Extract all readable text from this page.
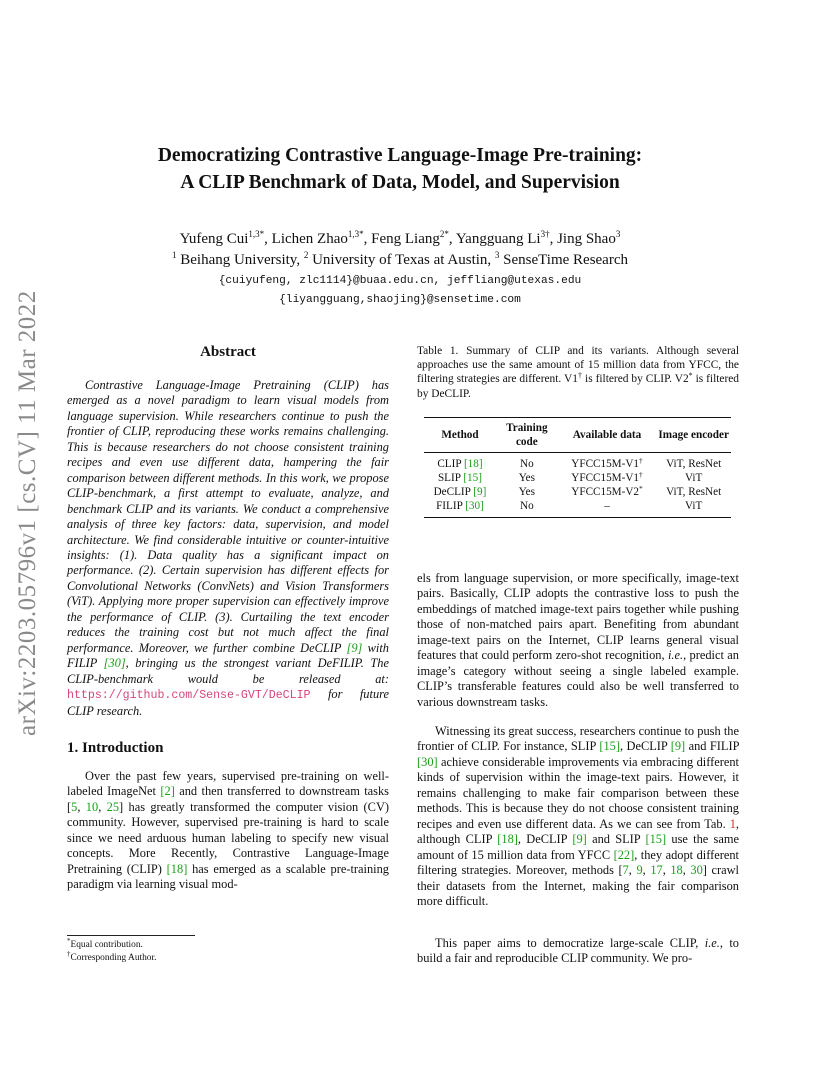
arXiv:2203.05796v1 [cs.CV] 11 Mar 2022
Democratizing Contrastive Language-Image Pre-training:
A CLIP Benchmark of Data, Model, and Supervision
Yufeng Cui$^{1,3*}$, Lichen Zhao$^{1,3*}$, Feng Liang$^{2*}$, Yangguang $Li^{3\dagger}$, Jing Shao$^3$
$^1$ Beihang University, $^2$ University of Texas at Austin, $^3$ SenseTime Research
{cuiyufeng, zlc1114}@buaa.edu.cn, jeffliang@utexas.edu
{liyangguang,shaojing}@sensetime.com
Abstract
Contrastive Language-Image Pretraining (CLIP) has emerged as a novel paradigm to learn visual models from language supervision. While researchers continue to push the frontier of CLIP, reproducing these works remains challenging. This is because researchers do not choose consistent training recipes and even use different data, hampering the fair comparison between different methods. In this work, we propose CLIP-benchmark, a first attempt to evaluate, analyze, and benchmark CLIP and its variants. We conduct a comprehensive analysis of three key factors: data, supervision, and model architecture. We find considerable intuitive or counter-intuitive insights: (1). Data quality has a significant impact on performance. (2). Certain supervision has different effects for Convolutional Networks (ConvNets) and Vision Transformers (ViT). Applying more proper supervision can effectively improve the performance of CLIP. (3). Curtailing the text encoder reduces the training cost but not much affect the final performance. Moreover, we further combine DeCLIP [9] with FILIP [30], bringing us the strongest variant DeFILIP. The CLIP-benchmark would be released at: https://github.com/Sense-GVT/DeCLIP for future CLIP research.
1. Introduction
Over the past few years, supervised pre-training on well-labeled ImageNet [2] and then transferred to downstream tasks [5, 10, 25] has greatly transformed the computer vision (CV) community. However, supervised pre-training is hard to scale since we need arduous human labeling to specify new visual concepts. More Recently, Contrastive Language-Image Pretraining (CLIP) [18] has emerged as a scalable pre-training paradigm via learning visual mod-
*Equal contribution.
†Corresponding Author.
Table 1. Summary of CLIP and its variants. Although several approaches use the same amount of 15 million data from YFCC, the filtering strategies are different. V1† is filtered by CLIP. V2* is filtered by DeCLIP.
Method	Training code	Available data	Image encoder
CLIP [18]	No	YFCC15M-V1†	ViT, ResNet
SLIP [15]	Yes	YFCC15M-V1†	ViT
DeCLIP [9]	Yes	YFCC15M-V2*	ViT, ResNet
FILIP [30]	No	–	ViT
els from language supervision, or more specifically, image-text pairs. Basically, CLIP adopts the contrastive loss to push the embeddings of matched image-text pairs together while pushing those of non-matched pairs apart. Benefiting from abundant image-text pairs on the Internet, CLIP learns general visual features that could perform zero-shot recognition, i.e., predict an image’s category without seeing a single labeled example. CLIP’s transferable features could also be well transferred to various downstream tasks.
Witnessing its great success, researchers continue to push the frontier of CLIP. For instance, SLIP [15], DeCLIP [9] and FILIP [30] achieve considerable improvements via embracing different kinds of supervision within the image-text pairs. However, it remains challenging to make fair comparison between these methods. This is because they do not choose consistent training recipes and even use different data. As we can see from Tab. 1, although CLIP [18], DeCLIP [9] and SLIP [15] use the same amount of 15 million data from YFCC [22], they adopt different filtering strategies. Moreover, methods [7, 9, 17, 18, 30] crawl their datasets from the Internet, making the fair comparison more difficult.
This paper aims to democratize large-scale CLIP, i.e., to build a fair and reproducible CLIP community. We pro-
